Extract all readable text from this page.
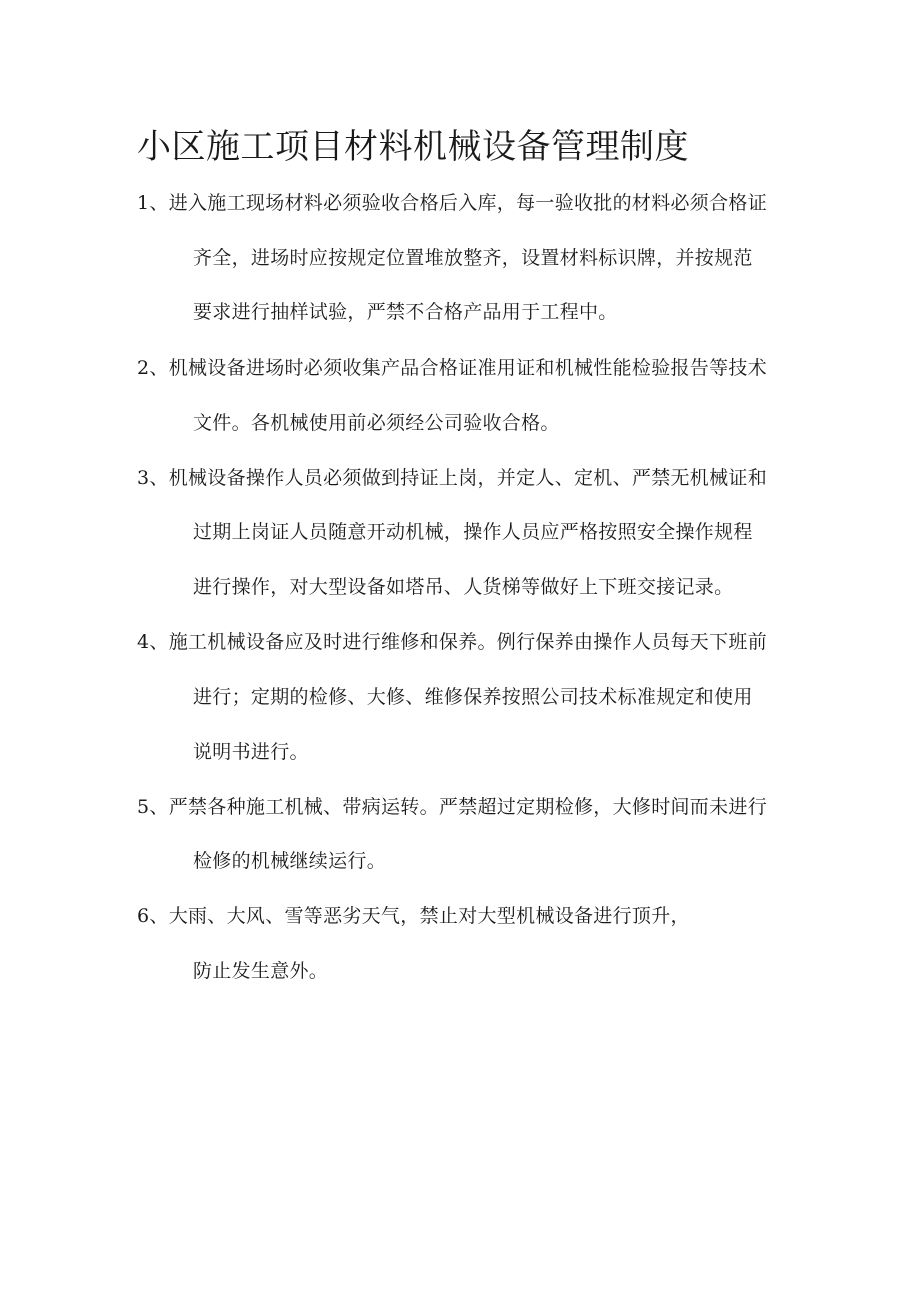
小区施工项目材料机械设备管理制度
1、进入施工现场材料必须验收合格后入库，每一验收批的材料必须合格证
齐全，进场时应按规定位置堆放整齐，设置材料标识牌，并按规范
要求进行抽样试验，严禁不合格产品用于工程中。
2、机械设备进场时必须收集产品合格证准用证和机械性能检验报告等技术
文件。各机械使用前必须经公司验收合格。
3、机械设备操作人员必须做到持证上岗，并定人、定机、严禁无机械证和
过期上岗证人员随意开动机械，操作人员应严格按照安全操作规程
进行操作，对大型设备如塔吊、人货梯等做好上下班交接记录。
4、施工机械设备应及时进行维修和保养。例行保养由操作人员每天下班前
进行；定期的检修、大修、维修保养按照公司技术标准规定和使用
说明书进行。
5、严禁各种施工机械、带病运转。严禁超过定期检修，大修时间而未进行
检修的机械继续运行。
6、大雨、大风、雪等恶劣天气，禁止对大型机械设备进行顶升，
防止发生意外。
